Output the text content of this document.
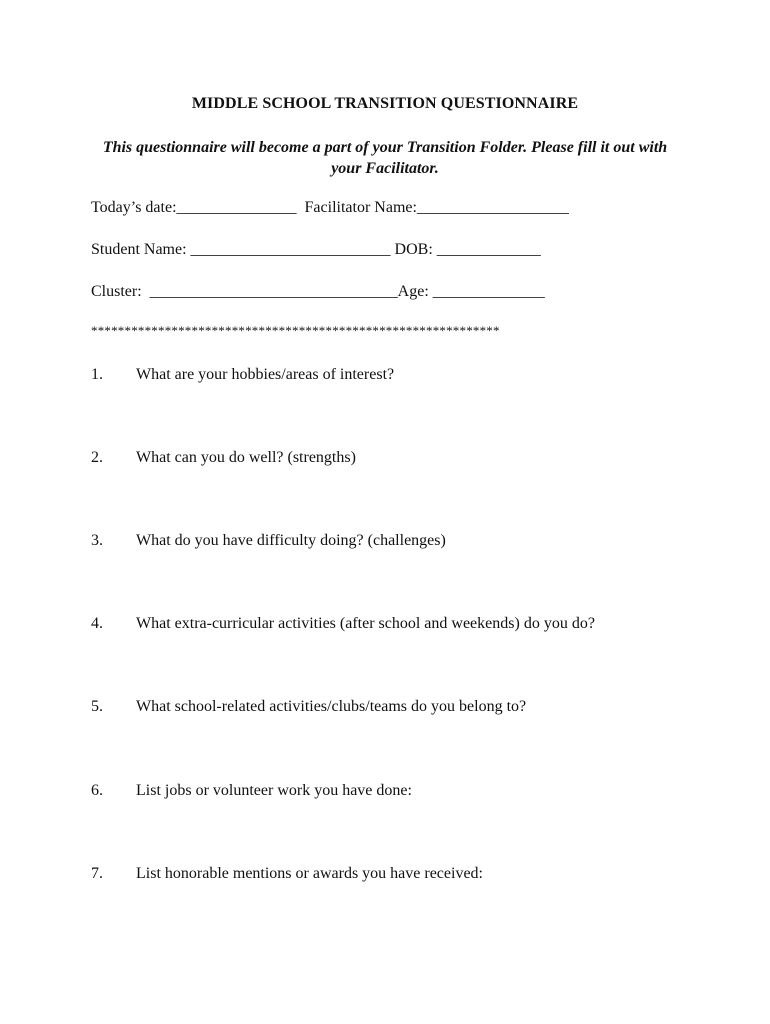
MIDDLE SCHOOL TRANSITION QUESTIONNAIRE
This questionnaire will become a part of your Transition Folder. Please fill it out with your Facilitator.
Today’s date:_______________  Facilitator Name:___________________
Student Name: _________________________ DOB: _____________
Cluster:  _______________________________Age: ______________
*************************************************************
1. What are your hobbies/areas of interest?
2. What can you do well? (strengths)
3. What do you have difficulty doing? (challenges)
4. What extra-curricular activities (after school and weekends) do you do?
5. What school-related activities/clubs/teams do you belong to?
6. List jobs or volunteer work you have done:
7. List honorable mentions or awards you have received:
